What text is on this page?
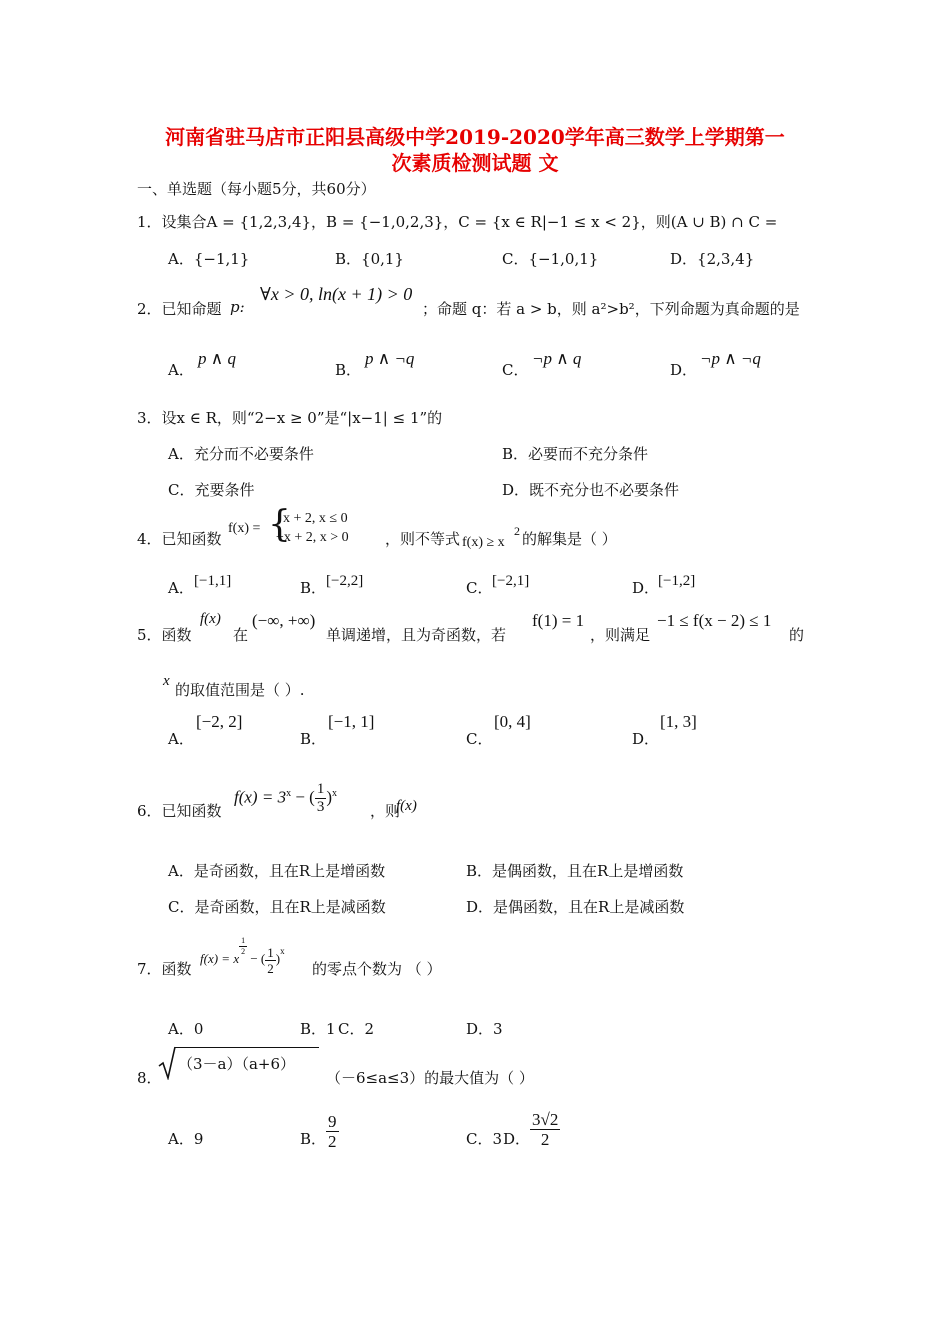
河南省驻马店市正阳县高级中学2019-2020学年高三数学上学期第一
次素质检测试题 文
一、单选题（每小题5分，共60分）
1．设集合A = {1,2,3,4}，B = {−1,0,2,3}，C = {x ∈ R|−1 ≤ x < 2}，则(A ∪ B) ∩ C =
A．{−1,1}	B．{0,1}	C．{−1,0,1}	D．{2,3,4}
2．已知命题 p:
∀x > 0, ln(x + 1) > 0
；命题 q：若 a > b，则 a²>b²，下列命题为真命题的是
A．
p ∧ q
B．
p ∧ ¬q
C．
¬p ∧ q
D．
¬p ∧ ¬q
3．设x ∈ R，则“2−x ≥ 0”是“|x−1| ≤ 1”的
A．充分而不必要条件	B．必要而不充分条件
C．充要条件	D．既不充分也不必要条件
4．已知函数
f(x) = {
x + 2, x ≤ 0
−x + 2, x > 0 ，则不等式 f(x) ≥ x
2 的解集是（ ）
A． [−1,1]	B． [−2,2]	C． [−2,1]	D．
[−1,2]
5．函数
f(x)
在
(−∞, +∞)
单调递增，且为奇函数，若
f(1) = 1
，则满足
−1 ≤ f(x − 2) ≤ 1
的
x 的取值范围是（ ）.
A．
[−2, 2]
B．
[−1, 1]
C．
[0, 4]
D．
[1, 3]
6．已知函数
$f(x) = 3^x$ − ( $\frac{1}{3} )^x$
，则
f(x)
A．是奇函数，且在R上是增函数	B．是偶函数，且在R上是增函数
C．是奇函数，且在R上是减函数	D．是偶函数，且在R上是减函数
7．函数
f(x) = x
$\frac{1}{2}$
− ( $\frac{1}{2} )^x$
的零点个数为 （ ）
A．0	B．1 C．2	D．3
8．
（3－a）（a+6）
（－6≤a≤3）的最大值为（ ）
A．9	B． $\frac{9}{2}$	C．3 D． $\frac{3√2}{2}$
